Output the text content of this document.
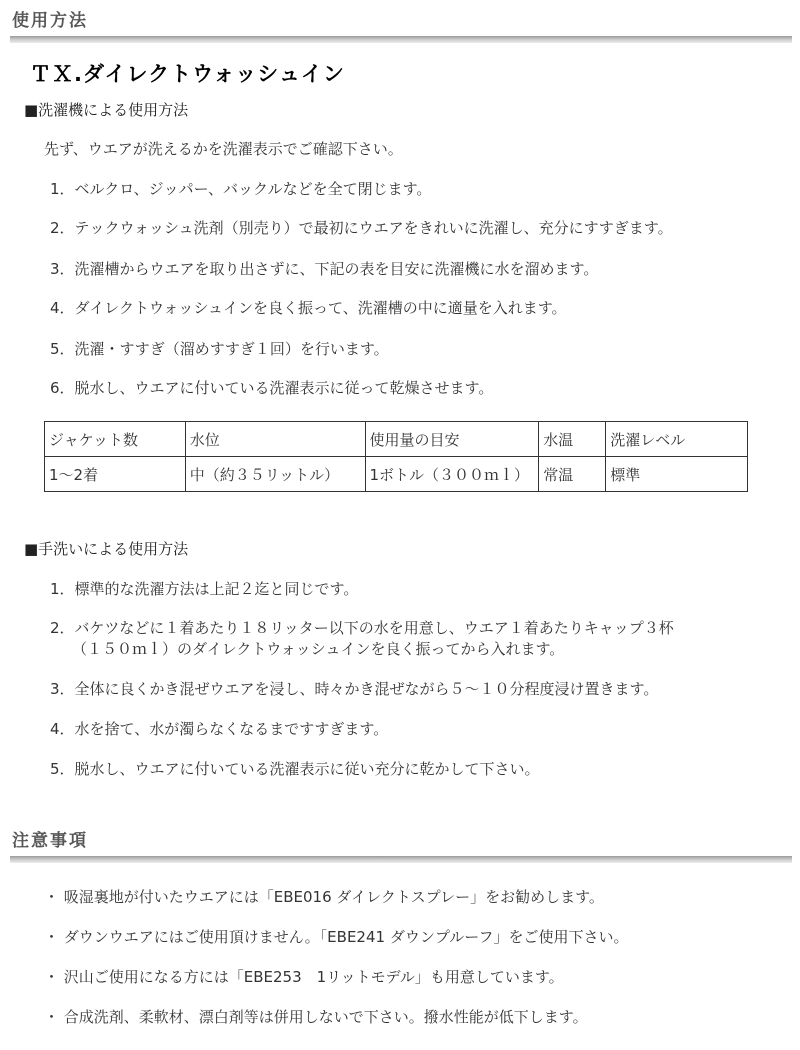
使用方法
ＴＸ.ダイレクトウォッシュイン
■洗濯機による使用方法
先ず、ウエアが洗えるかを洗濯表示でご確認下さい。
1．ベルクロ、ジッパー、バックルなどを全て閉じます。
2．テックウォッシュ洗剤（別売り）で最初にウエアをきれいに洗濯し、充分にすすぎます。
3．洗濯槽からウエアを取り出さずに、下記の表を目安に洗濯機に水を溜めます。
4．ダイレクトウォッシュインを良く振って、洗濯槽の中に適量を入れます。
5．洗濯・すすぎ（溜めすすぎ１回）を行います。
6．脱水し、ウエアに付いている洗濯表示に従って乾燥させます。
ジャケット数	水位	使用量の目安	水温	洗濯レベル
1～2着	中（約３５リットル）	1ボトル（３００ｍｌ）	常温	標準
■手洗いによる使用方法
1．標準的な洗濯方法は上記２迄と同じです。
2．バケツなどに１着あたり１８リッター以下の水を用意し、ウエア１着あたりキャップ３杯
（１５０ｍｌ）のダイレクトウォッシュインを良く振ってから入れます。
3．全体に良くかき混ぜウエアを浸し、時々かき混ぜながら５～１０分程度浸け置きます。
4．水を捨て、水が濁らなくなるまですすぎます。
5．脱水し、ウエアに付いている洗濯表示に従い充分に乾かして下さい。
注意事項
・ 吸湿裏地が付いたウエアには「EBE016 ダイレクトスプレー」をお勧めします。
・ ダウンウエアにはご使用頂けません。「EBE241 ダウンプルーフ」をご使用下さい。
・ 沢山ご使用になる方には「EBE253　1リットモデル」も用意しています。
・ 合成洗剤、柔軟材、漂白剤等は併用しないで下さい。撥水性能が低下します。
